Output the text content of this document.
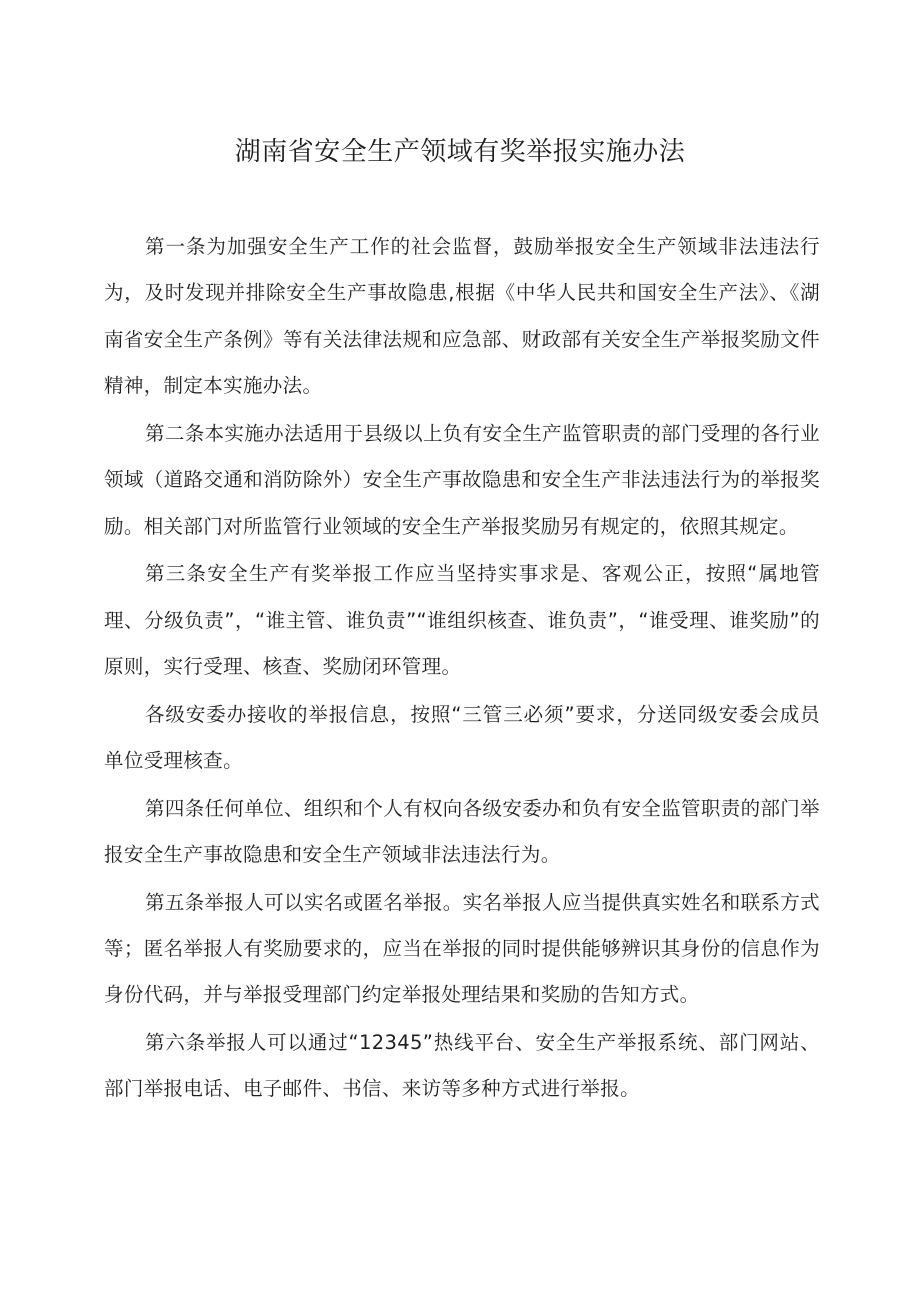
湖南省安全生产领域有奖举报实施办法

第一条为加强安全生产工作的社会监督，鼓励举报安全生产领域非法违法行为，及时发现并排除安全生产事故隐患,根据《中华人民共和国安全生产法》、《湖南省安全生产条例》等有关法律法规和应急部、财政部有关安全生产举报奖励文件精神，制定本实施办法。

第二条本实施办法适用于县级以上负有安全生产监管职责的部门受理的各行业领域（道路交通和消防除外）安全生产事故隐患和安全生产非法违法行为的举报奖励。相关部门对所监管行业领域的安全生产举报奖励另有规定的，依照其规定。

第三条安全生产有奖举报工作应当坚持实事求是、客观公正，按照“属地管理、分级负责”，“谁主管、谁负责”“谁组织核查、谁负责”，“谁受理、谁奖励”的原则，实行受理、核查、奖励闭环管理。

各级安委办接收的举报信息，按照“三管三必须”要求，分送同级安委会成员单位受理核查。

第四条任何单位、组织和个人有权向各级安委办和负有安全监管职责的部门举报安全生产事故隐患和安全生产领域非法违法行为。

第五条举报人可以实名或匿名举报。实名举报人应当提供真实姓名和联系方式等；匿名举报人有奖励要求的，应当在举报的同时提供能够辨识其身份的信息作为身份代码，并与举报受理部门约定举报处理结果和奖励的告知方式。

第六条举报人可以通过“12345”热线平台、安全生产举报系统、部门网站、部门举报电话、电子邮件、书信、来访等多种方式进行举报。
